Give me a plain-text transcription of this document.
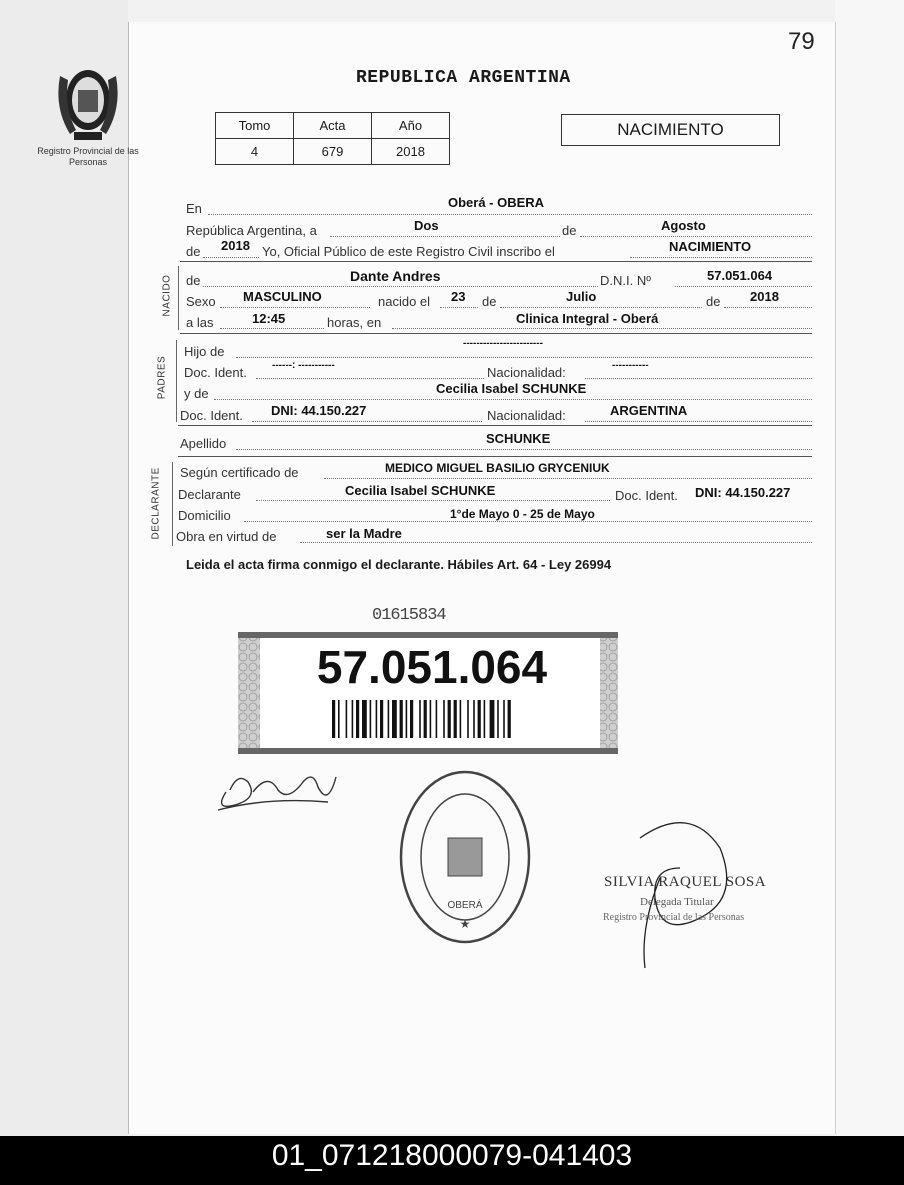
79
Registro Provincial de las Personas
REPUBLICA ARGENTINA
Tomo	Acta	Año
4	679	2018
NACIMIENTO
En	Oberá - OBERA
República Argentina, a	Dos	de	Agosto
de 2018 Yo, Oficial Público de este Registro Civil inscribo el	NACIMIENTO
NACIDO de	Dante Andres	D.N.I. Nº	57.051.064
Sexo MASCULINO	nacido el 23 de	Julio	de 2018
a las	12:45	horas, en	Clinica Integral - Oberá
PADRES
Hijo de
------------------------
Doc. Ident.	------: -----------	Nacionalidad:	-----------
y de	Cecilia Isabel SCHUNKE
Doc. Ident. DNI: 44.150.227	Nacionalidad:	ARGENTINA
Apellido	SCHUNKE
DECLARANTE Según certificado de	MEDICO MIGUEL BASILIO GRYCENIUK
Declarante	Cecilia Isabel SCHUNKE	Doc. Ident. DNI: 44.150.227
Domicilio	1°de Mayo 0 - 25 de Mayo
Obra en virtud de	ser la Madre
Leida el acta firma conmigo el declarante. Hábiles Art. 64 - Ley 26994
01615834
57.051.064
OBERÁ
★
SILVIA RAQUEL SOSA
Delegada Titular
Registro Provincial de las Personas
01_071218000079-041403
